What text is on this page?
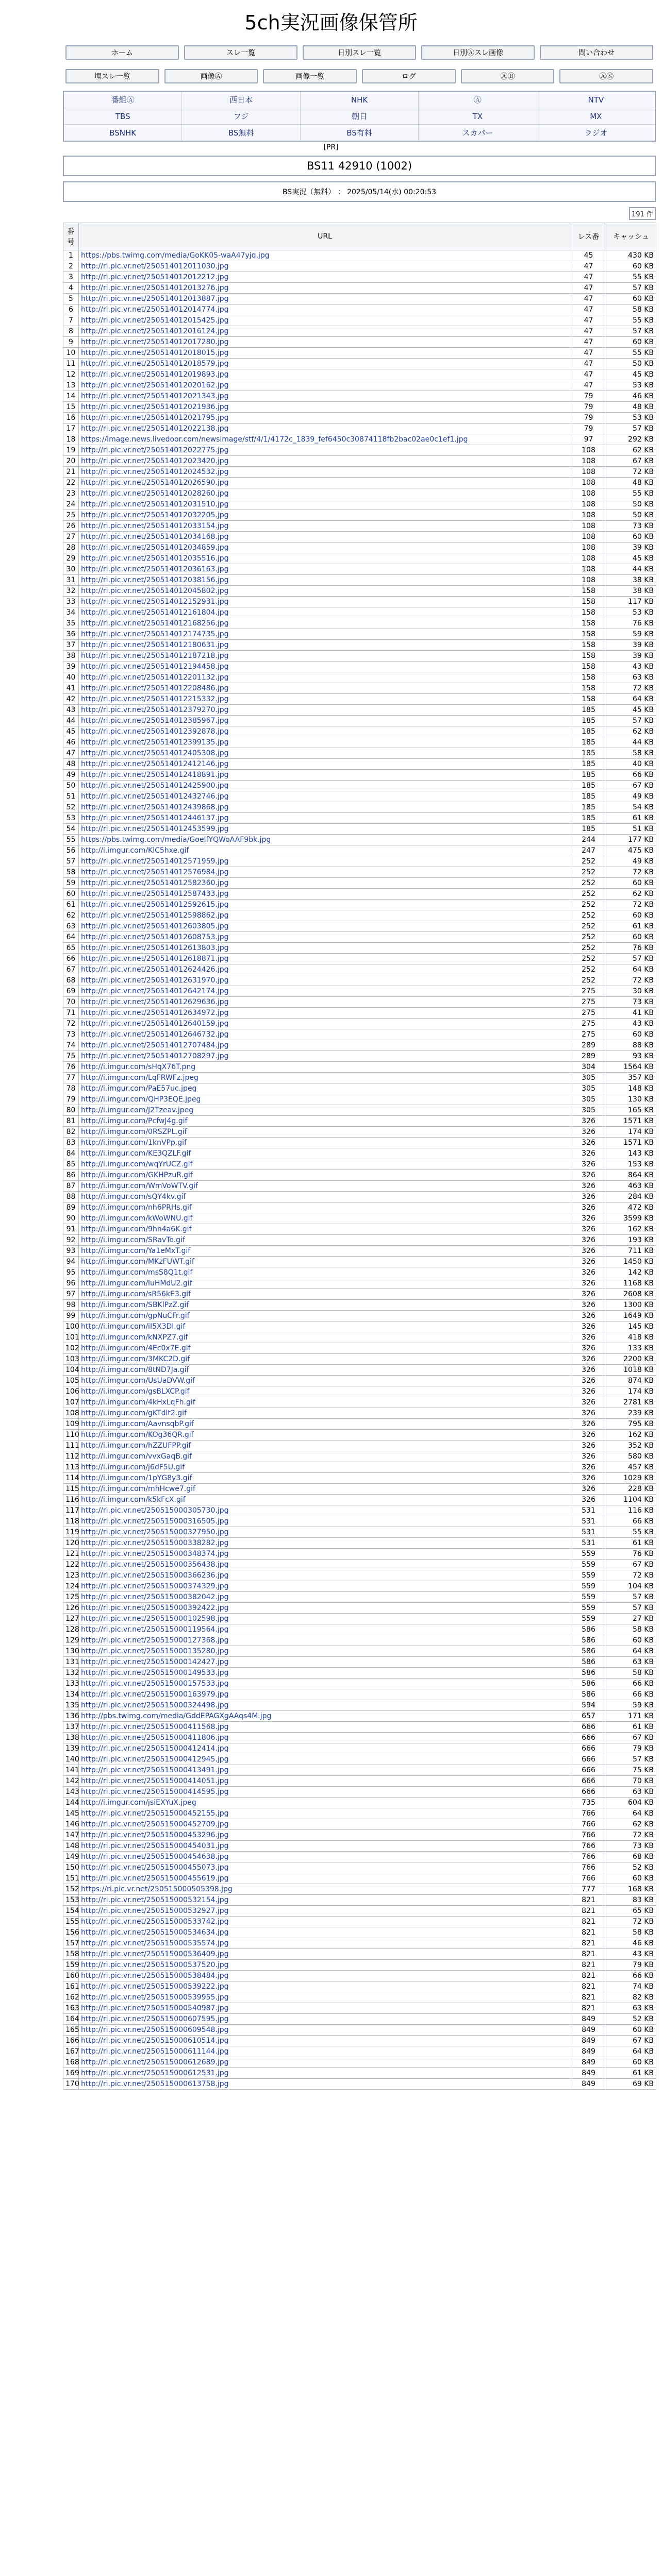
5ch実況画像保管所
ホーム	スレ一覧	日別スレ一覧	日別Ⓐスレ画像	問い合わせ
埋スレ一覧	画像Ⓐ	画像一覧	ログ	ⒶⒷ	ⒶⓈ
番組Ⓐ	西日本	NHK	Ⓐ	NTV
TBS	フジ	朝日	TX	MX
BSNHK	BS無料	BS有料	スカパー	ラジオ
[PR]
BS11 42910 (1002)
BS実況（無料） ： 2025/05/14(水) 00:20:53
191 件
番号	URL	レス番	キャッシュ
1	https://pbs.twimg.com/media/GoKK05-waA47yjq.jpg	45	430 KB
2	http://ri.pic.vr.net/250514012011030.jpg	47	60 KB
3	http://ri.pic.vr.net/250514012012212.jpg	47	55 KB
4	http://ri.pic.vr.net/250514012013276.jpg	47	57 KB
5	http://ri.pic.vr.net/250514012013887.jpg	47	60 KB
6	http://ri.pic.vr.net/250514012014774.jpg	47	58 KB
7	http://ri.pic.vr.net/250514012015425.jpg	47	55 KB
8	http://ri.pic.vr.net/250514012016124.jpg	47	57 KB
9	http://ri.pic.vr.net/250514012017280.jpg	47	60 KB
10	http://ri.pic.vr.net/250514012018015.jpg	47	55 KB
11	http://ri.pic.vr.net/250514012018579.jpg	47	50 KB
12	http://ri.pic.vr.net/250514012019893.jpg	47	45 KB
13	http://ri.pic.vr.net/250514012020162.jpg	47	53 KB
14	http://ri.pic.vr.net/250514012021343.jpg	79	46 KB
15	http://ri.pic.vr.net/250514012021936.jpg	79	48 KB
16	http://ri.pic.vr.net/250514012021795.jpg	79	53 KB
17	http://ri.pic.vr.net/250514012022138.jpg	79	57 KB
18	https://image.news.livedoor.com/newsimage/stf/4/1/4172c_1839_fef6450c30874118fb2bac02ae0c1ef1.jpg	97	292 KB
19	http://ri.pic.vr.net/250514012022775.jpg	108	62 KB
20	http://ri.pic.vr.net/250514012023420.jpg	108	67 KB
21	http://ri.pic.vr.net/250514012024532.jpg	108	72 KB
22	http://ri.pic.vr.net/250514012026590.jpg	108	48 KB
23	http://ri.pic.vr.net/250514012028260.jpg	108	55 KB
24	http://ri.pic.vr.net/250514012031510.jpg	108	50 KB
25	http://ri.pic.vr.net/250514012032205.jpg	108	50 KB
26	http://ri.pic.vr.net/250514012033154.jpg	108	73 KB
27	http://ri.pic.vr.net/250514012034168.jpg	108	60 KB
28	http://ri.pic.vr.net/250514012034859.jpg	108	39 KB
29	http://ri.pic.vr.net/250514012035516.jpg	108	45 KB
30	http://ri.pic.vr.net/250514012036163.jpg	108	44 KB
31	http://ri.pic.vr.net/250514012038156.jpg	108	38 KB
32	http://ri.pic.vr.net/250514012045802.jpg	158	38 KB
33	http://ri.pic.vr.net/250514012152931.jpg	158	117 KB
34	http://ri.pic.vr.net/250514012161804.jpg	158	53 KB
35	http://ri.pic.vr.net/250514012168256.jpg	158	76 KB
36	http://ri.pic.vr.net/250514012174735.jpg	158	59 KB
37	http://ri.pic.vr.net/250514012180631.jpg	158	39 KB
38	http://ri.pic.vr.net/250514012187218.jpg	158	39 KB
39	http://ri.pic.vr.net/250514012194458.jpg	158	43 KB
40	http://ri.pic.vr.net/250514012201132.jpg	158	63 KB
41	http://ri.pic.vr.net/250514012208486.jpg	158	72 KB
42	http://ri.pic.vr.net/250514012215332.jpg	158	64 KB
43	http://ri.pic.vr.net/250514012379270.jpg	185	45 KB
44	http://ri.pic.vr.net/250514012385967.jpg	185	57 KB
45	http://ri.pic.vr.net/250514012392878.jpg	185	62 KB
46	http://ri.pic.vr.net/250514012399135.jpg	185	44 KB
47	http://ri.pic.vr.net/250514012405308.jpg	185	58 KB
48	http://ri.pic.vr.net/250514012412146.jpg	185	40 KB
49	http://ri.pic.vr.net/250514012418891.jpg	185	66 KB
50	http://ri.pic.vr.net/250514012425900.jpg	185	67 KB
51	http://ri.pic.vr.net/250514012432746.jpg	185	49 KB
52	http://ri.pic.vr.net/250514012439868.jpg	185	54 KB
53	http://ri.pic.vr.net/250514012446137.jpg	185	61 KB
54	http://ri.pic.vr.net/250514012453599.jpg	185	51 KB
55	https://pbs.twimg.com/media/GoeIfYQWoAAF9bk.jpg	244	177 KB
56	http://i.imgur.com/KlC5hxe.gif	247	475 KB
57	http://ri.pic.vr.net/250514012571959.jpg	252	49 KB
58	http://ri.pic.vr.net/250514012576984.jpg	252	72 KB
59	http://ri.pic.vr.net/250514012582360.jpg	252	60 KB
60	http://ri.pic.vr.net/250514012587433.jpg	252	62 KB
61	http://ri.pic.vr.net/250514012592615.jpg	252	72 KB
62	http://ri.pic.vr.net/250514012598862.jpg	252	60 KB
63	http://ri.pic.vr.net/250514012603805.jpg	252	61 KB
64	http://ri.pic.vr.net/250514012608753.jpg	252	60 KB
65	http://ri.pic.vr.net/250514012613803.jpg	252	76 KB
66	http://ri.pic.vr.net/250514012618871.jpg	252	57 KB
67	http://ri.pic.vr.net/250514012624426.jpg	252	64 KB
68	http://ri.pic.vr.net/250514012631970.jpg	252	72 KB
69	http://ri.pic.vr.net/250514012642174.jpg	275	30 KB
70	http://ri.pic.vr.net/250514012629636.jpg	275	73 KB
71	http://ri.pic.vr.net/250514012634972.jpg	275	41 KB
72	http://ri.pic.vr.net/250514012640159.jpg	275	43 KB
73	http://ri.pic.vr.net/250514012646732.jpg	275	60 KB
74	http://ri.pic.vr.net/250514012707484.jpg	289	88 KB
75	http://ri.pic.vr.net/250514012708297.jpg	289	93 KB
76	http://i.imgur.com/sHqX76T.png	304	1564 KB
77	http://i.imgur.com/LqFRWFz.jpeg	305	357 KB
78	http://i.imgur.com/PaE57uc.jpeg	305	148 KB
79	http://i.imgur.com/QHP3EQE.jpeg	305	130 KB
80	http://i.imgur.com/J2Tzeav.jpeg	305	165 KB
81	http://i.imgur.com/PcfwJ4g.gif	326	1571 KB
82	http://i.imgur.com/0RSZPL.gif	326	174 KB
83	http://i.imgur.com/1knVPp.gif	326	1571 KB
84	http://i.imgur.com/KE3QZLF.gif	326	143 KB
85	http://i.imgur.com/wqYrUCZ.gif	326	153 KB
86	http://i.imgur.com/GKHPzuR.gif	326	864 KB
87	http://i.imgur.com/WmVoWTV.gif	326	463 KB
88	http://i.imgur.com/sQY4kv.gif	326	284 KB
89	http://i.imgur.com/nh6PRHs.gif	326	472 KB
90	http://i.imgur.com/kWoWNU.gif	326	3599 KB
91	http://i.imgur.com/9hn4a6K.gif	326	162 KB
92	http://i.imgur.com/SRavTo.gif	326	193 KB
93	http://i.imgur.com/Ya1eMxT.gif	326	711 KB
94	http://i.imgur.com/MKzFUWT.gif	326	1450 KB
95	http://i.imgur.com/msS8Q1t.gif	326	142 KB
96	http://i.imgur.com/luHMdU2.gif	326	1168 KB
97	http://i.imgur.com/sR56kE3.gif	326	2608 KB
98	http://i.imgur.com/SBKlPzZ.gif	326	1300 KB
99	http://i.imgur.com/gpNuCFr.gif	326	1649 KB
100	http://i.imgur.com/iI5X3Dl.gif	326	145 KB
101	http://i.imgur.com/kNXPZ7.gif	326	418 KB
102	http://i.imgur.com/4Ec0x7E.gif	326	133 KB
103	http://i.imgur.com/3MKC2D.gif	326	2200 KB
104	http://i.imgur.com/8tND7Ja.gif	326	1018 KB
105	http://i.imgur.com/UsUaDVW.gif	326	874 KB
106	http://i.imgur.com/gsBLXCP.gif	326	174 KB
107	http://i.imgur.com/4kHxLqFh.gif	326	2781 KB
108	http://i.imgur.com/gKTdlt2.gif	326	239 KB
109	http://i.imgur.com/AavnsqbP.gif	326	795 KB
110	http://i.imgur.com/KOg36QR.gif	326	162 KB
111	http://i.imgur.com/hZZUFPP.gif	326	352 KB
112	http://i.imgur.com/vvxGaqB.gif	326	580 KB
113	http://i.imgur.com/j6dF5U.gif	326	457 KB
114	http://i.imgur.com/1pYG8y3.gif	326	1029 KB
115	http://i.imgur.com/mhHcwe7.gif	326	228 KB
116	http://i.imgur.com/k5kFcX.gif	326	1104 KB
117	http://ri.pic.vr.net/250515000305730.jpg	531	116 KB
118	http://ri.pic.vr.net/250515000316505.jpg	531	66 KB
119	http://ri.pic.vr.net/250515000327950.jpg	531	55 KB
120	http://ri.pic.vr.net/250515000338282.jpg	531	61 KB
121	http://ri.pic.vr.net/250515000348374.jpg	559	76 KB
122	http://ri.pic.vr.net/250515000356438.jpg	559	67 KB
123	http://ri.pic.vr.net/250515000366236.jpg	559	72 KB
124	http://ri.pic.vr.net/250515000374329.jpg	559	104 KB
125	http://ri.pic.vr.net/250515000382042.jpg	559	57 KB
126	http://ri.pic.vr.net/250515000392422.jpg	559	57 KB
127	http://ri.pic.vr.net/250515000102598.jpg	559	27 KB
128	http://ri.pic.vr.net/250515000119564.jpg	586	58 KB
129	http://ri.pic.vr.net/250515000127368.jpg	586	60 KB
130	http://ri.pic.vr.net/250515000135280.jpg	586	64 KB
131	http://ri.pic.vr.net/250515000142427.jpg	586	63 KB
132	http://ri.pic.vr.net/250515000149533.jpg	586	58 KB
133	http://ri.pic.vr.net/250515000157533.jpg	586	66 KB
134	http://ri.pic.vr.net/250515000163979.jpg	586	66 KB
135	http://ri.pic.vr.net/250515000324498.jpg	594	59 KB
136	http://pbs.twimg.com/media/GddEPAGXgAAqs4M.jpg	657	171 KB
137	http://ri.pic.vr.net/250515000411568.jpg	666	61 KB
138	http://ri.pic.vr.net/250515000411806.jpg	666	67 KB
139	http://ri.pic.vr.net/250515000412414.jpg	666	79 KB
140	http://ri.pic.vr.net/250515000412945.jpg	666	57 KB
141	http://ri.pic.vr.net/250515000413491.jpg	666	75 KB
142	http://ri.pic.vr.net/250515000414051.jpg	666	70 KB
143	http://ri.pic.vr.net/250515000414595.jpg	666	63 KB
144	http://i.imgur.com/jsiEXYuX.jpeg	735	604 KB
145	http://ri.pic.vr.net/250515000452155.jpg	766	64 KB
146	http://ri.pic.vr.net/250515000452709.jpg	766	62 KB
147	http://ri.pic.vr.net/250515000453296.jpg	766	72 KB
148	http://ri.pic.vr.net/250515000454031.jpg	766	73 KB
149	http://ri.pic.vr.net/250515000454638.jpg	766	68 KB
150	http://ri.pic.vr.net/250515000455073.jpg	766	52 KB
151	http://ri.pic.vr.net/250515000455619.jpg	766	60 KB
152	https://ri.pic.vr.net/250515000505398.jpg	777	168 KB
153	http://ri.pic.vr.net/250515000532154.jpg	821	83 KB
154	http://ri.pic.vr.net/250515000532927.jpg	821	65 KB
155	http://ri.pic.vr.net/250515000533742.jpg	821	72 KB
156	http://ri.pic.vr.net/250515000534634.jpg	821	58 KB
157	http://ri.pic.vr.net/250515000535574.jpg	821	46 KB
158	http://ri.pic.vr.net/250515000536409.jpg	821	43 KB
159	http://ri.pic.vr.net/250515000537520.jpg	821	79 KB
160	http://ri.pic.vr.net/250515000538484.jpg	821	66 KB
161	http://ri.pic.vr.net/250515000539222.jpg	821	74 KB
162	http://ri.pic.vr.net/250515000539955.jpg	821	82 KB
163	http://ri.pic.vr.net/250515000540987.jpg	821	63 KB
164	http://ri.pic.vr.net/250515000607595.jpg	849	52 KB
165	http://ri.pic.vr.net/250515000609548.jpg	849	60 KB
166	http://ri.pic.vr.net/250515000610514.jpg	849	67 KB
167	http://ri.pic.vr.net/250515000611144.jpg	849	64 KB
168	http://ri.pic.vr.net/250515000612689.jpg	849	60 KB
169	http://ri.pic.vr.net/250515000612531.jpg	849	61 KB
170	http://ri.pic.vr.net/250515000613758.jpg	849	69 KB
